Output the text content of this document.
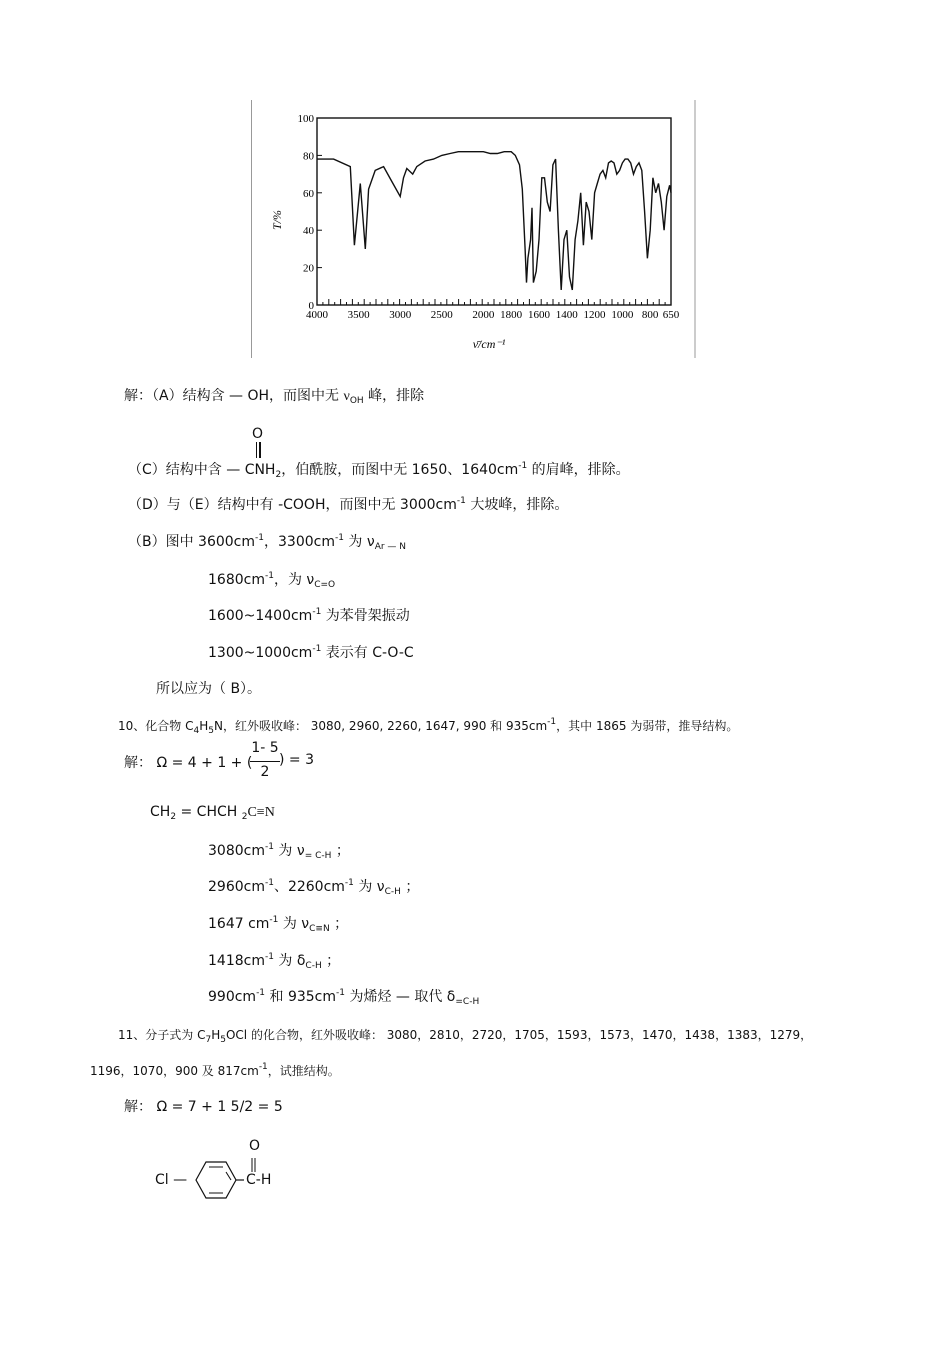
100
80
60
40
20
0
4000 3500 3000 2500 2000 1800 1600 1400 1200 1000 800 650
T/%
ν̄/cm⁻¹
解：（A）结构含 — OH，而图中无 $\nu_{OH}$ 峰，排除
O
（C）结构中含 — $CNH_2$，伯酰胺，而图中无 1650、$1640cm^{-1}$ 的肩峰，排除。
（D）与（E）结构中有 -COOH，而图中无 $3000cm^{-1}$ 大坡峰，排除。
（B）图中 $3600cm^{-1}$，$3300cm^{-1}$ 为 $\nu_{Ar — N}$
$1680cm^{-1}$，为 $\nu_{C=O}$
$1600\sim 1400cm^{-1}$ 为苯骨架振动
$1300\sim 1000cm^{-1}$ 表示有 C-O-C
所以应为（ B）。
10、化合物 $C_4H_5N$，红外吸收峰： 3080, 2960, 2260, 1647, 990 和 $935cm^{-1}$，其中 1865 为弱带，推导结构。
解： Ω = 4 + 1 + (
1- 5
2
) = 3
$CH_2$ = CHCH $_2$C≡N
$3080cm^{-1}$ 为 $\nu_{= C-H}$ ；
$2960cm^{-1}$、$2260cm^{-1}$ 为 $\nu_{C-H}$ ；
1647 $cm^{-1}$ 为 $\nu_{C\equiv N}$ ；
$1418cm^{-1}$ 为 $\delta_{C-H}$ ；
$990cm^{-1}$ 和 $935cm^{-1}$ 为烯烃 — 取代 $\delta_{=C-H}$
11、分子式为 $C_7H_5OCl$ 的化合物，红外吸收峰： 3080，2810，2720，1705，1593，1573，1470，1438，1383，1279，
1196，1070，900 及 $817cm^{-1}$，试推结构。
解： Ω = 7 + 1 5/2 = 5
O
Cl —	C-H
